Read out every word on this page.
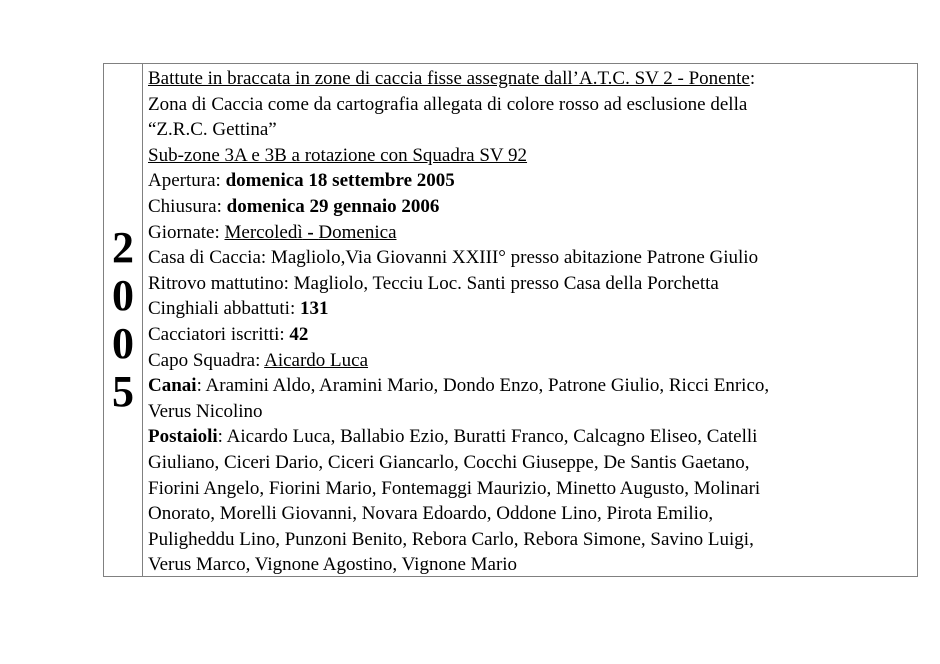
2
0
0
5
Battute in braccata in zone di caccia fisse assegnate dall’A.T.C. SV 2 - Ponente:
Zona di Caccia come da cartografia allegata di colore rosso ad esclusione della
“Z.R.C. Gettina”
Sub-zone 3A e 3B a rotazione con Squadra SV 92
Apertura: domenica 18 settembre 2005
Chiusura: domenica 29 gennaio 2006
Giornate: Mercoledì - Domenica
Casa di Caccia: Magliolo,Via Giovanni XXIII° presso abitazione Patrone Giulio
Ritrovo mattutino: Magliolo, Tecciu Loc. Santi presso Casa della Porchetta
Cinghiali abbattuti: 131
Cacciatori iscritti: 42
Capo Squadra: Aicardo Luca
Canai: Aramini Aldo, Aramini Mario, Dondo Enzo, Patrone Giulio, Ricci Enrico,
Verus Nicolino
Postaioli: Aicardo Luca, Ballabio Ezio, Buratti Franco, Calcagno Eliseo, Catelli
Giuliano, Ciceri Dario, Ciceri Giancarlo, Cocchi Giuseppe, De Santis Gaetano,
Fiorini Angelo, Fiorini Mario, Fontemaggi Maurizio, Minetto Augusto, Molinari
Onorato, Morelli Giovanni, Novara Edoardo, Oddone Lino, Pirota Emilio,
Puligheddu Lino, Punzoni Benito, Rebora Carlo, Rebora Simone, Savino Luigi,
Verus Marco, Vignone Agostino, Vignone Mario
